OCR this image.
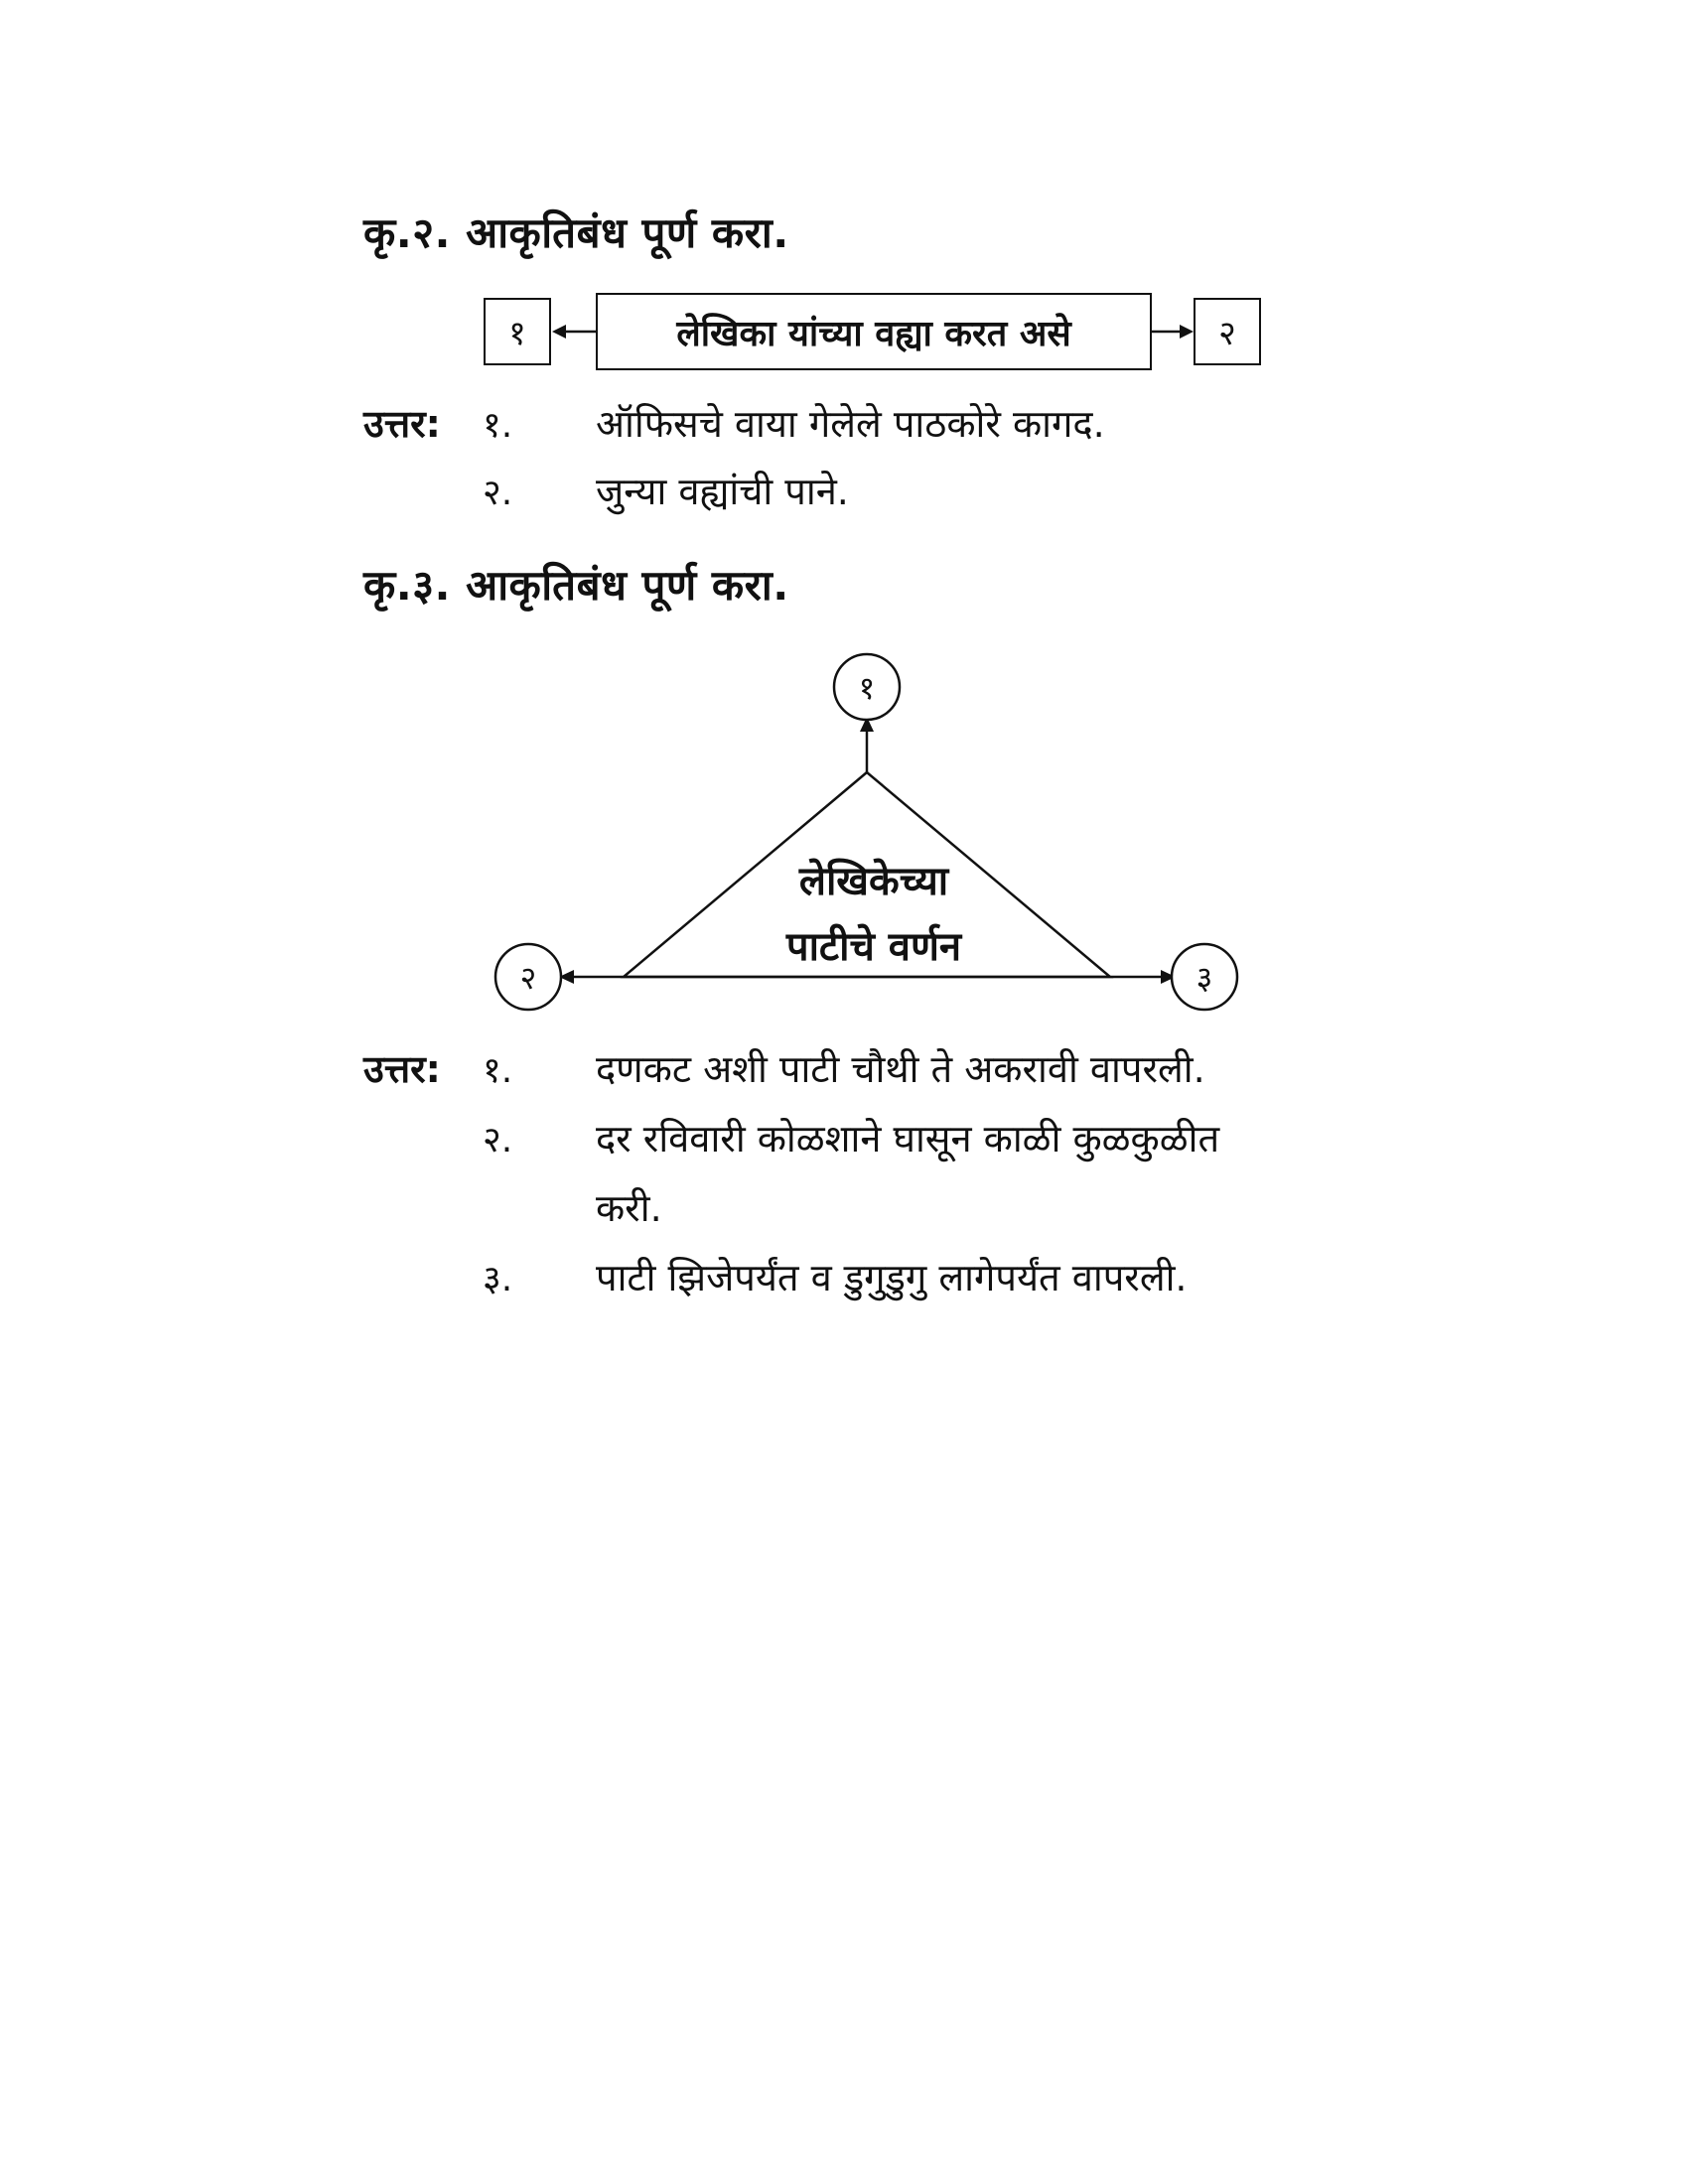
कृ.२. आकृतिबंध पूर्ण करा.
१	लेखिका यांच्या वह्या करत असे	२
उत्तर: १. ऑफिसचे वाया गेलेले पाठकोरे कागद.
२. जुन्या वह्यांची पाने.
कृ.३. आकृतिबंध पूर्ण करा.
१
२	३
लेखिकेच्या
पाटीचे वर्णन
उत्तर: १. दणकट अशी पाटी चौथी ते अकरावी वापरली.
२. दर रविवारी कोळशाने घासून काळी कुळकुळीत
करी.
३. पाटी झिजेपर्यंत व डुगुडुगु लागेपर्यंत वापरली.
